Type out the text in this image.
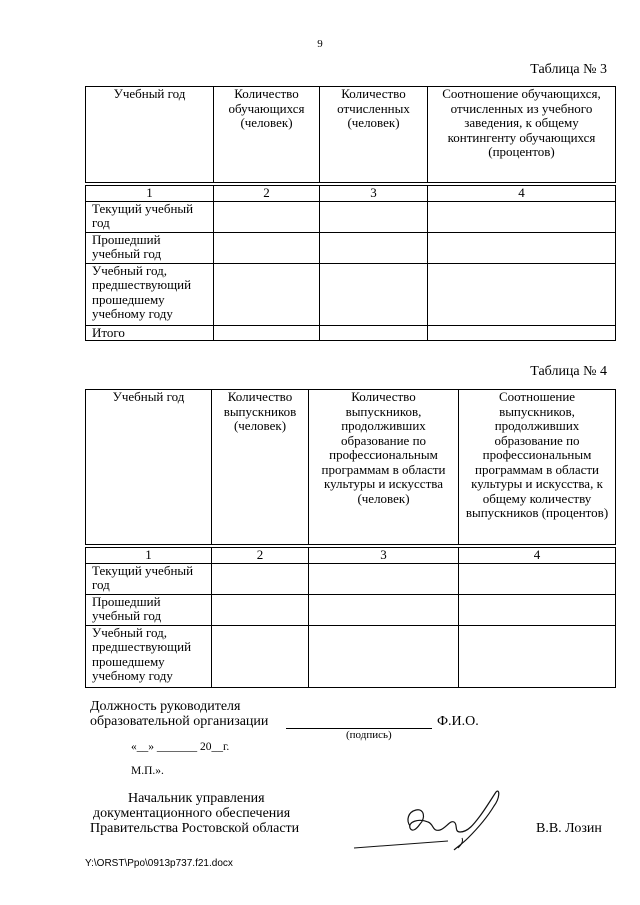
9
Таблица № 3
Учебный год	Количество обучающихся (человек)	Количество отчисленных (человек)	Соотношение обучающихся, отчисленных из учебного заведения, к общему контингенту обучающихся (процентов)

1	2	3	4
Текущий учебный год			
Прошедший учебный год			
Учебный год, предшествующий прошедшему учебному году			
Итого			
Таблица № 4
Учебный год	Количество выпускников (человек)	Количество выпускников, продолживших образование по профессиональным программам в области культуры и искусства (человек)	Соотношение выпускников, продолживших образование по профессиональным программам в области культуры и искусства, к общему количеству выпускников (процентов)

1	2	3	4
Текущий учебный год			
Прошедший учебный год			
Учебный год, предшествующий прошедшему учебному году			
Должность руководителя
образовательной организации	Ф.И.О.
(подпись)
«__» _______ 20__г.
М.П.».
Начальник управления
документационного обеспечения
Правительства Ростовской области	В.В. Лозин
Y:\ORST\Ppo\0913p737.f21.docx
